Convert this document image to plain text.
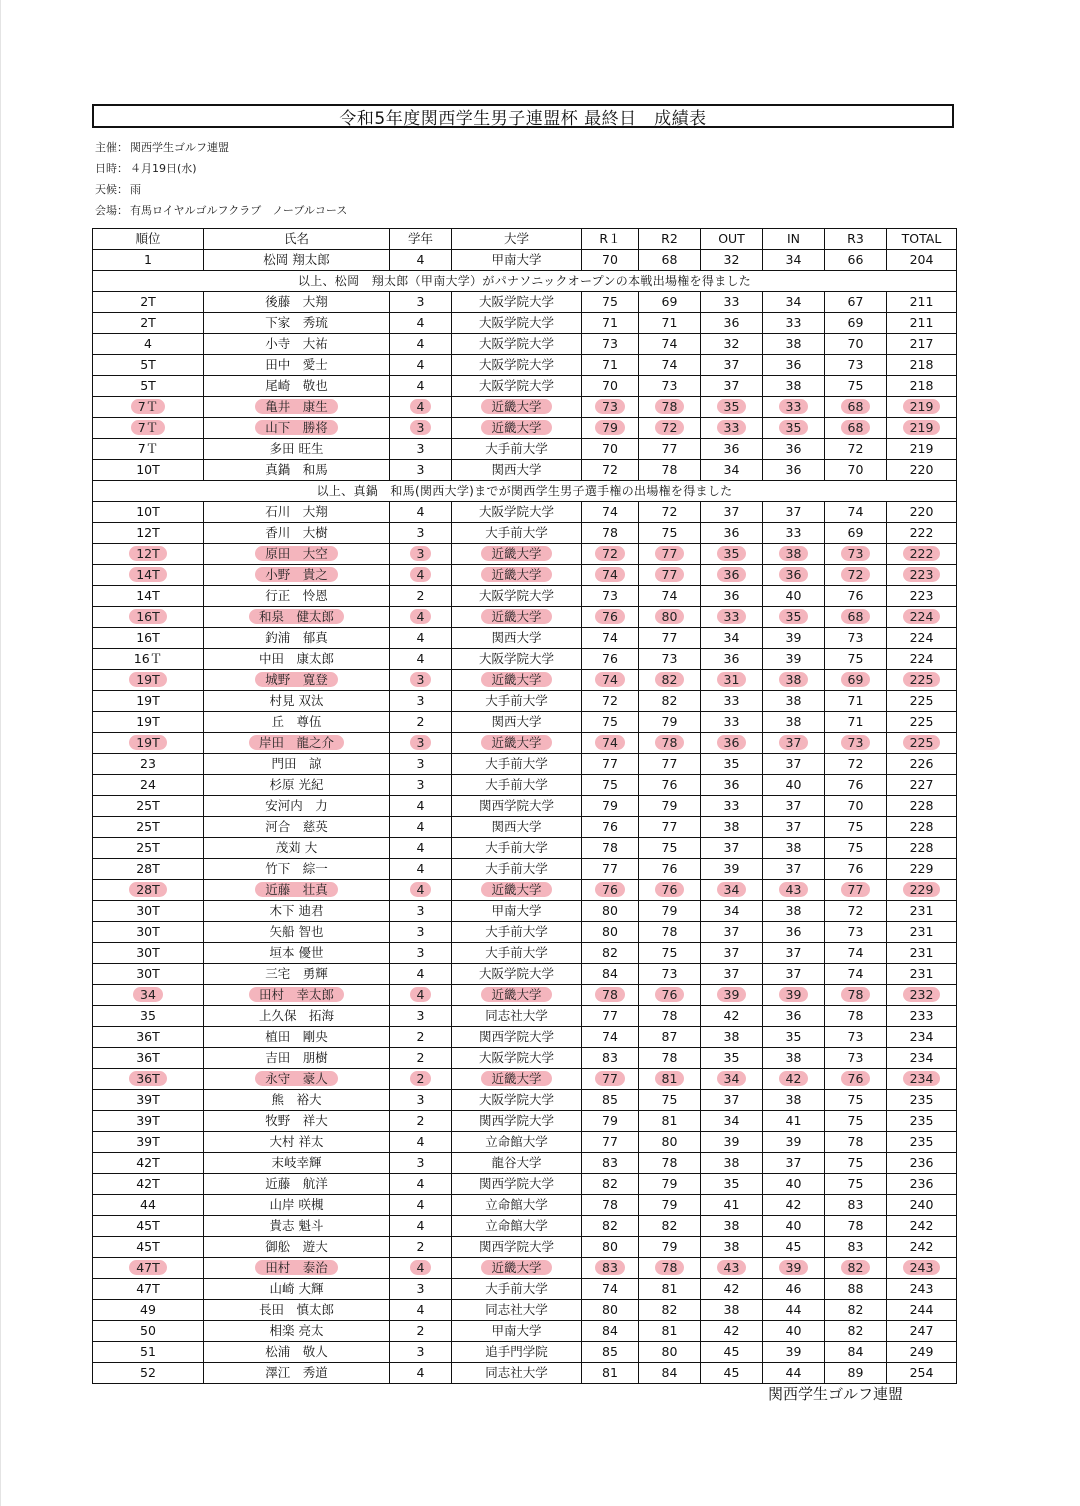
令和5年度関西学生男子連盟杯 最終日　成績表
主催： 関西学生ゴルフ連盟
日時： ４月19日(水)
天候： 雨
会場： 有馬ロイヤルゴルフクラブ　ノーブルコース
順位	氏名	学年	大学	R１	R2	OUT	IN	R3	TOTAL
1	松岡 翔太郎	4	甲南大学	70	68	32	34	66	204
以上、松岡　翔太郎（甲南大学）がパナソニックオープンの本戦出場権を得ました									
2T	後藤　大翔	3	大阪学院大学	75	69	33	34	67	211
2T	下家　秀琉	4	大阪学院大学	71	71	36	33	69	211
4	小寺　大祐	4	大阪学院大学	73	74	32	38	70	217
5T	田中　愛士	4	大阪学院大学	71	74	37	36	73	218
5T	尾崎　敬也	4	大阪学院大学	70	73	37	38	75	218
7Ｔ	亀井　康生	4	近畿大学	73	78	35	33	68	219
7Ｔ	山下　勝将	3	近畿大学	79	72	33	35	68	219
7Ｔ	多田 旺生	3	大手前大学	70	77	36	36	72	219
10T	真鍋　和馬	3	関西大学	72	78	34	36	70	220
以上、真鍋　和馬(関西大学)までが関西学生男子選手権の出場権を得ました									
10T	石川　大翔	4	大阪学院大学	74	72	37	37	74	220
12T	香川　大樹	3	大手前大学	78	75	36	33	69	222
12T	原田　大空	3	近畿大学	72	77	35	38	73	222
14T	小野　貴之	4	近畿大学	74	77	36	36	72	223
14T	行正　怜恩	2	大阪学院大学	73	74	36	40	76	223
16T	和泉　健太郎	4	近畿大学	76	80	33	35	68	224
16T	釣浦　郁真	4	関西大学	74	77	34	39	73	224
16Ｔ	中田　康太郎	4	大阪学院大学	76	73	36	39	75	224
19T	城野　寛登	3	近畿大学	74	82	31	38	69	225
19T	村見 双汰	3	大手前大学	72	82	33	38	71	225
19T	丘　尊伍	2	関西大学	75	79	33	38	71	225
19T	岸田　龍之介	3	近畿大学	74	78	36	37	73	225
23	門田　諒	3	大手前大学	77	77	35	37	72	226
24	杉原 光紀	3	大手前大学	75	76	36	40	76	227
25T	安河内　力	4	関西学院大学	79	79	33	37	70	228
25T	河合　慈英	4	関西大学	76	77	38	37	75	228
25T	茂苅 大	4	大手前大学	78	75	37	38	75	228
28T	竹下　綜一	4	大手前大学	77	76	39	37	76	229
28T	近藤　壮真	4	近畿大学	76	76	34	43	77	229
30T	木下 迪君	3	甲南大学	80	79	34	38	72	231
30T	矢船 智也	3	大手前大学	80	78	37	36	73	231
30T	垣本 優世	3	大手前大学	82	75	37	37	74	231
30T	三宅　勇輝	4	大阪学院大学	84	73	37	37	74	231
34	田村　幸太郎	4	近畿大学	78	76	39	39	78	232
35	上久保　拓海	3	同志社大学	77	78	42	36	78	233
36T	植田　剛央	2	関西学院大学	74	87	38	35	73	234
36T	吉田　朋樹	2	大阪学院大学	83	78	35	38	73	234
36T	永守　豪人	2	近畿大学	77	81	34	42	76	234
39T	熊　裕大	3	大阪学院大学	85	75	37	38	75	235
39T	牧野　祥大	2	関西学院大学	79	81	34	41	75	235
39T	大村 祥太	4	立命館大学	77	80	39	39	78	235
42T	末岐幸輝	3	龍谷大学	83	78	38	37	75	236
42T	近藤　航洋	4	関西学院大学	82	79	35	40	75	236
44	山岸 咲槻	4	立命館大学	78	79	41	42	83	240
45T	貴志 魁斗	4	立命館大学	82	82	38	40	78	242
45T	御舩　遊大	2	関西学院大学	80	79	38	45	83	242
47T	田村　泰治	4	近畿大学	83	78	43	39	82	243
47T	山崎 大輝	3	大手前大学	74	81	42	46	88	243
49	長田　慎太郎	4	同志社大学	80	82	38	44	82	244
50	相楽 亮太	2	甲南大学	84	81	42	40	82	247
51	松浦　敬人	3	追手門学院	85	80	45	39	84	249
52	澤江　秀道	4	同志社大学	81	84	45	44	89	254
関西学生ゴルフ連盟
